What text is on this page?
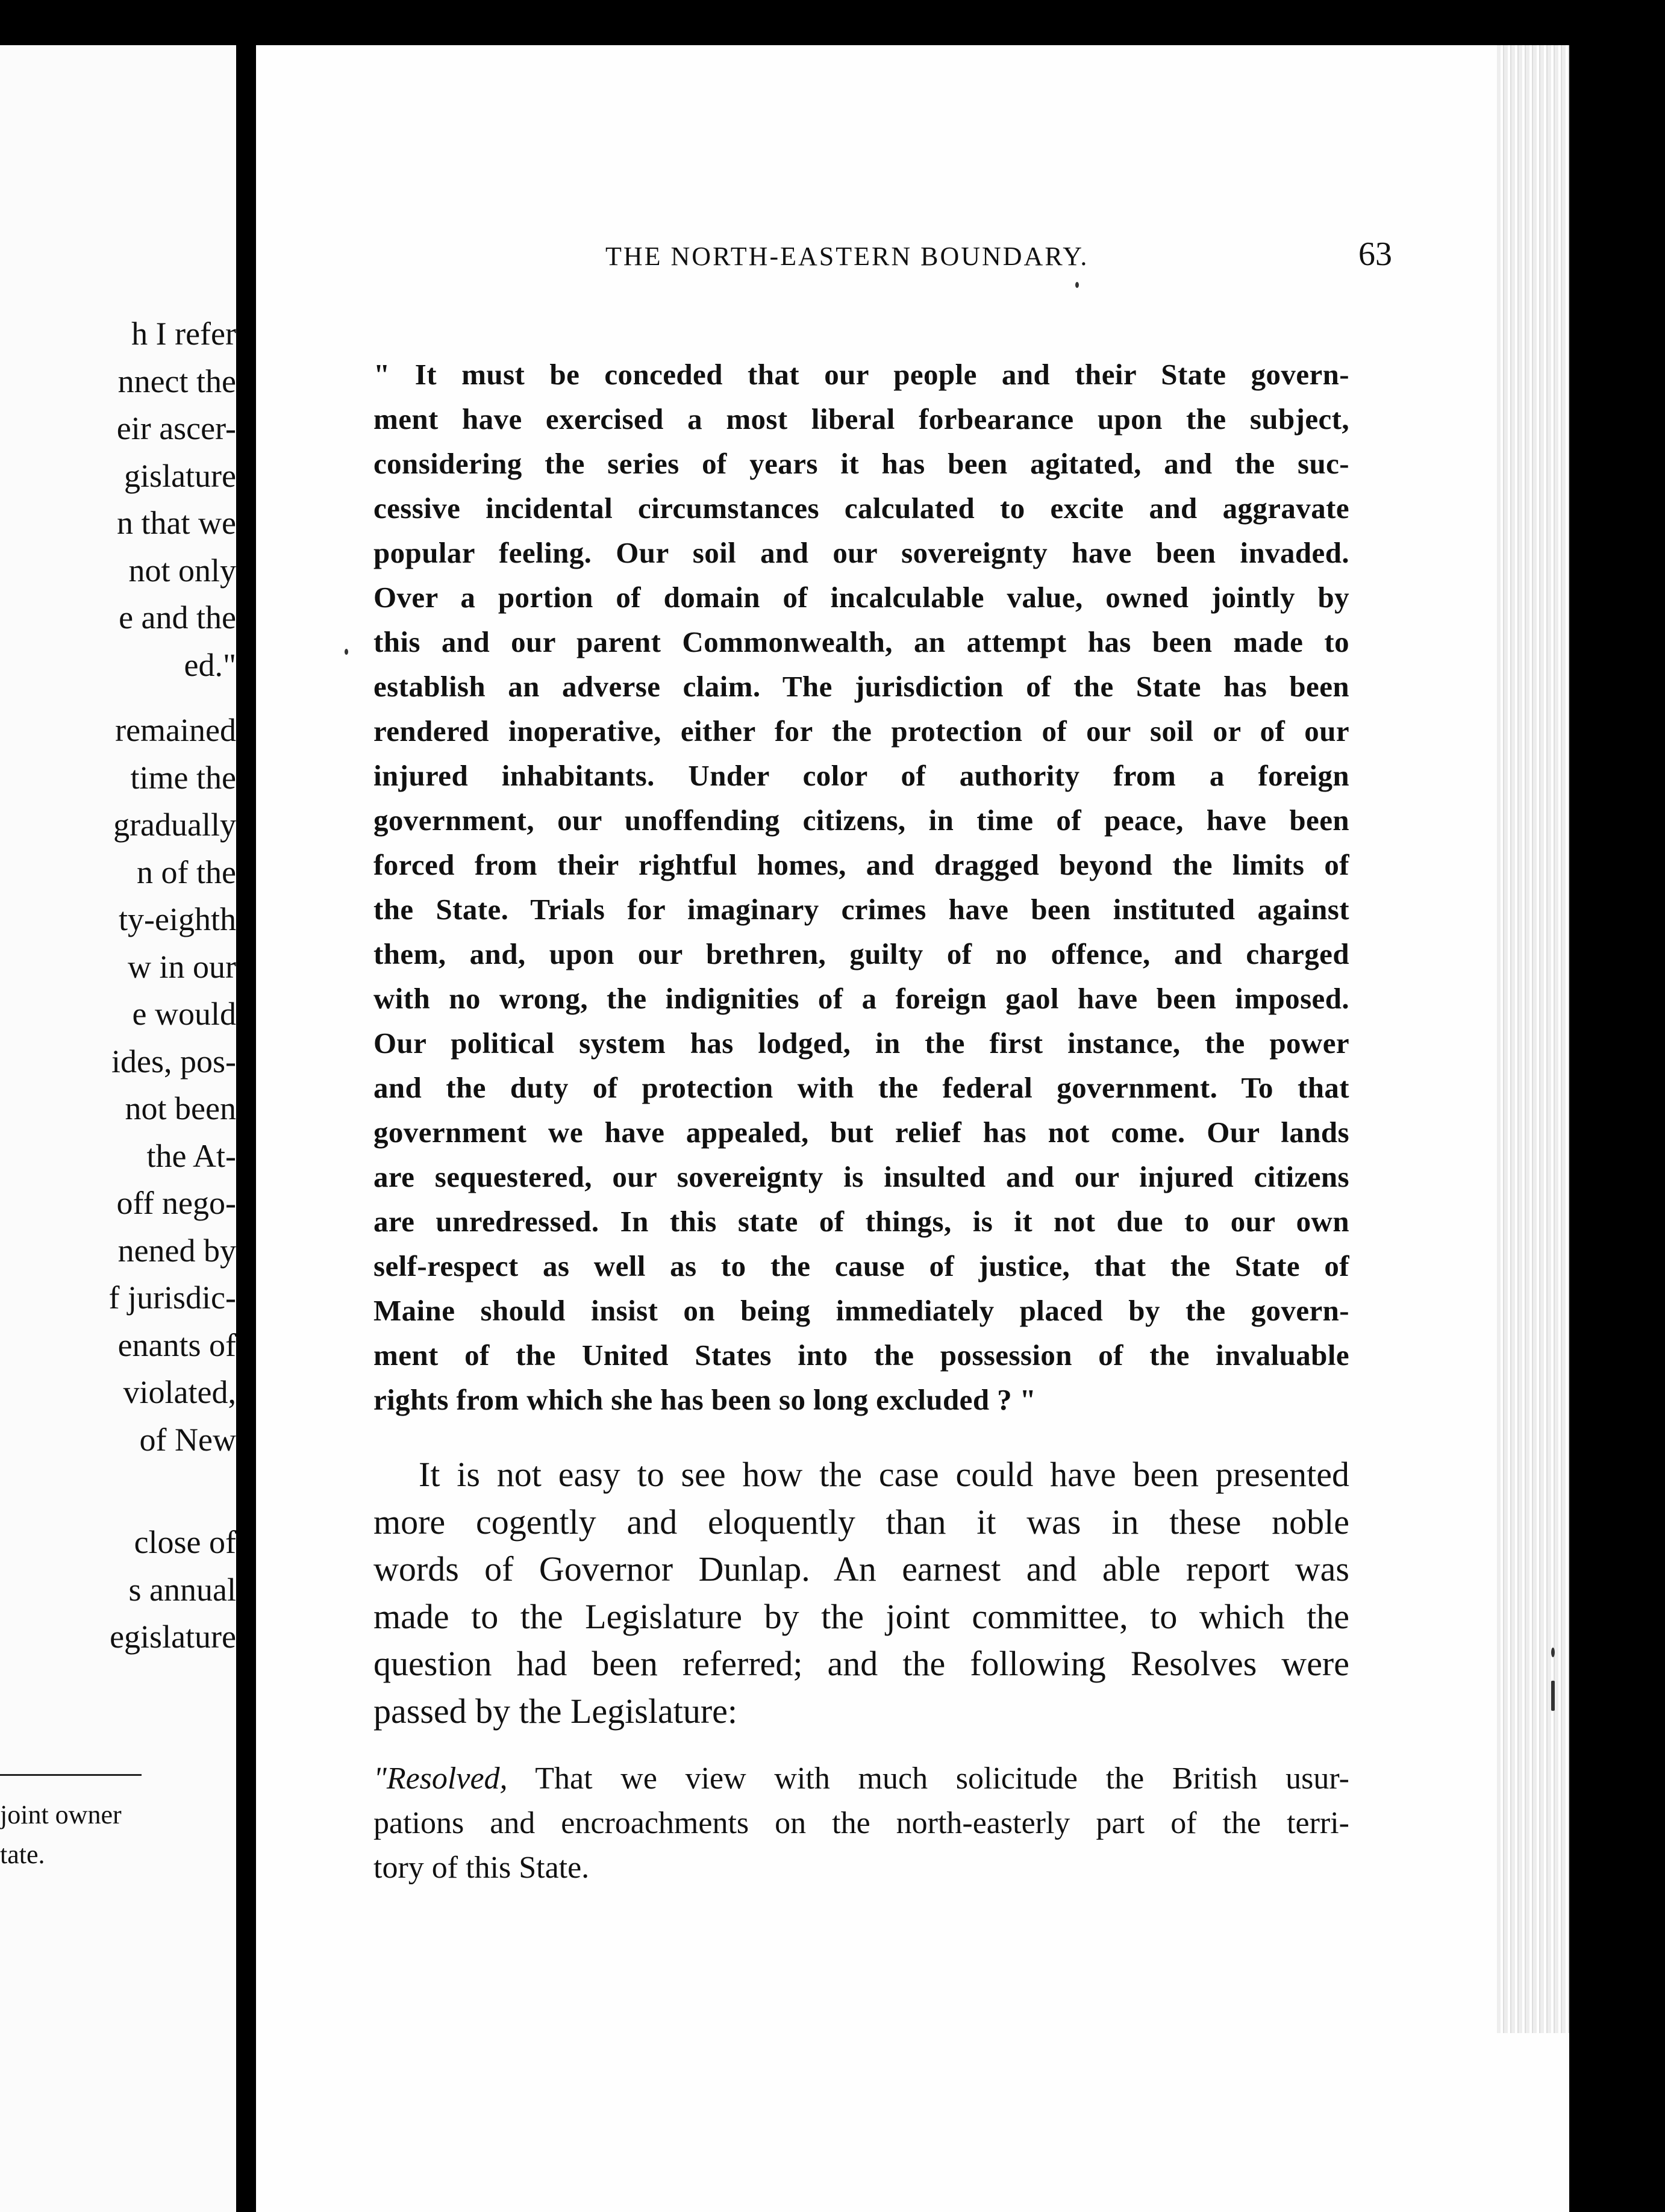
h I refer
nnect the
eir ascer-
gislature
n that we
not only
e and the
ed."
remained
time the
gradually
n of the
ty-eighth
w in our
e would
ides, pos-
not been
the At-
off nego-
nened by
f jurisdic-
enants of
violated,
of New
close of
s annual
egislature
joint owner
tate.
THE NORTH-EASTERN BOUNDARY.	63
" It must be conceded that our people and their State govern-
ment have exercised a most liberal forbearance upon the subject,
considering the series of years it has been agitated, and the suc-
cessive incidental circumstances calculated to excite and aggravate
popular feeling. Our soil and our sovereignty have been invaded.
Over a portion of domain of incalculable value, owned jointly by
this and our parent Commonwealth, an attempt has been made to
establish an adverse claim. The jurisdiction of the State has been
rendered inoperative, either for the protection of our soil or of our
injured inhabitants. Under color of authority from a foreign
government, our unoffending citizens, in time of peace, have been
forced from their rightful homes, and dragged beyond the limits of
the State. Trials for imaginary crimes have been instituted against
them, and, upon our brethren, guilty of no offence, and charged
with no wrong, the indignities of a foreign gaol have been imposed.
Our political system has lodged, in the first instance, the power
and the duty of protection with the federal government. To that
government we have appealed, but relief has not come. Our lands
are sequestered, our sovereignty is insulted and our injured citizens
are unredressed. In this state of things, is it not due to our own
self-respect as well as to the cause of justice, that the State of
Maine should insist on being immediately placed by the govern-
ment of the United States into the possession of the invaluable
rights from which she has been so long excluded ? "
It is not easy to see how the case could have been presented
more cogently and eloquently than it was in these noble
words of Governor Dunlap. An earnest and able report was
made to the Legislature by the joint committee, to which the
question had been referred; and the following Resolves were
passed by the Legislature:
"Resolved, That we view with much solicitude the British usur-
pations and encroachments on the north-easterly part of the terri-
tory of this State.
